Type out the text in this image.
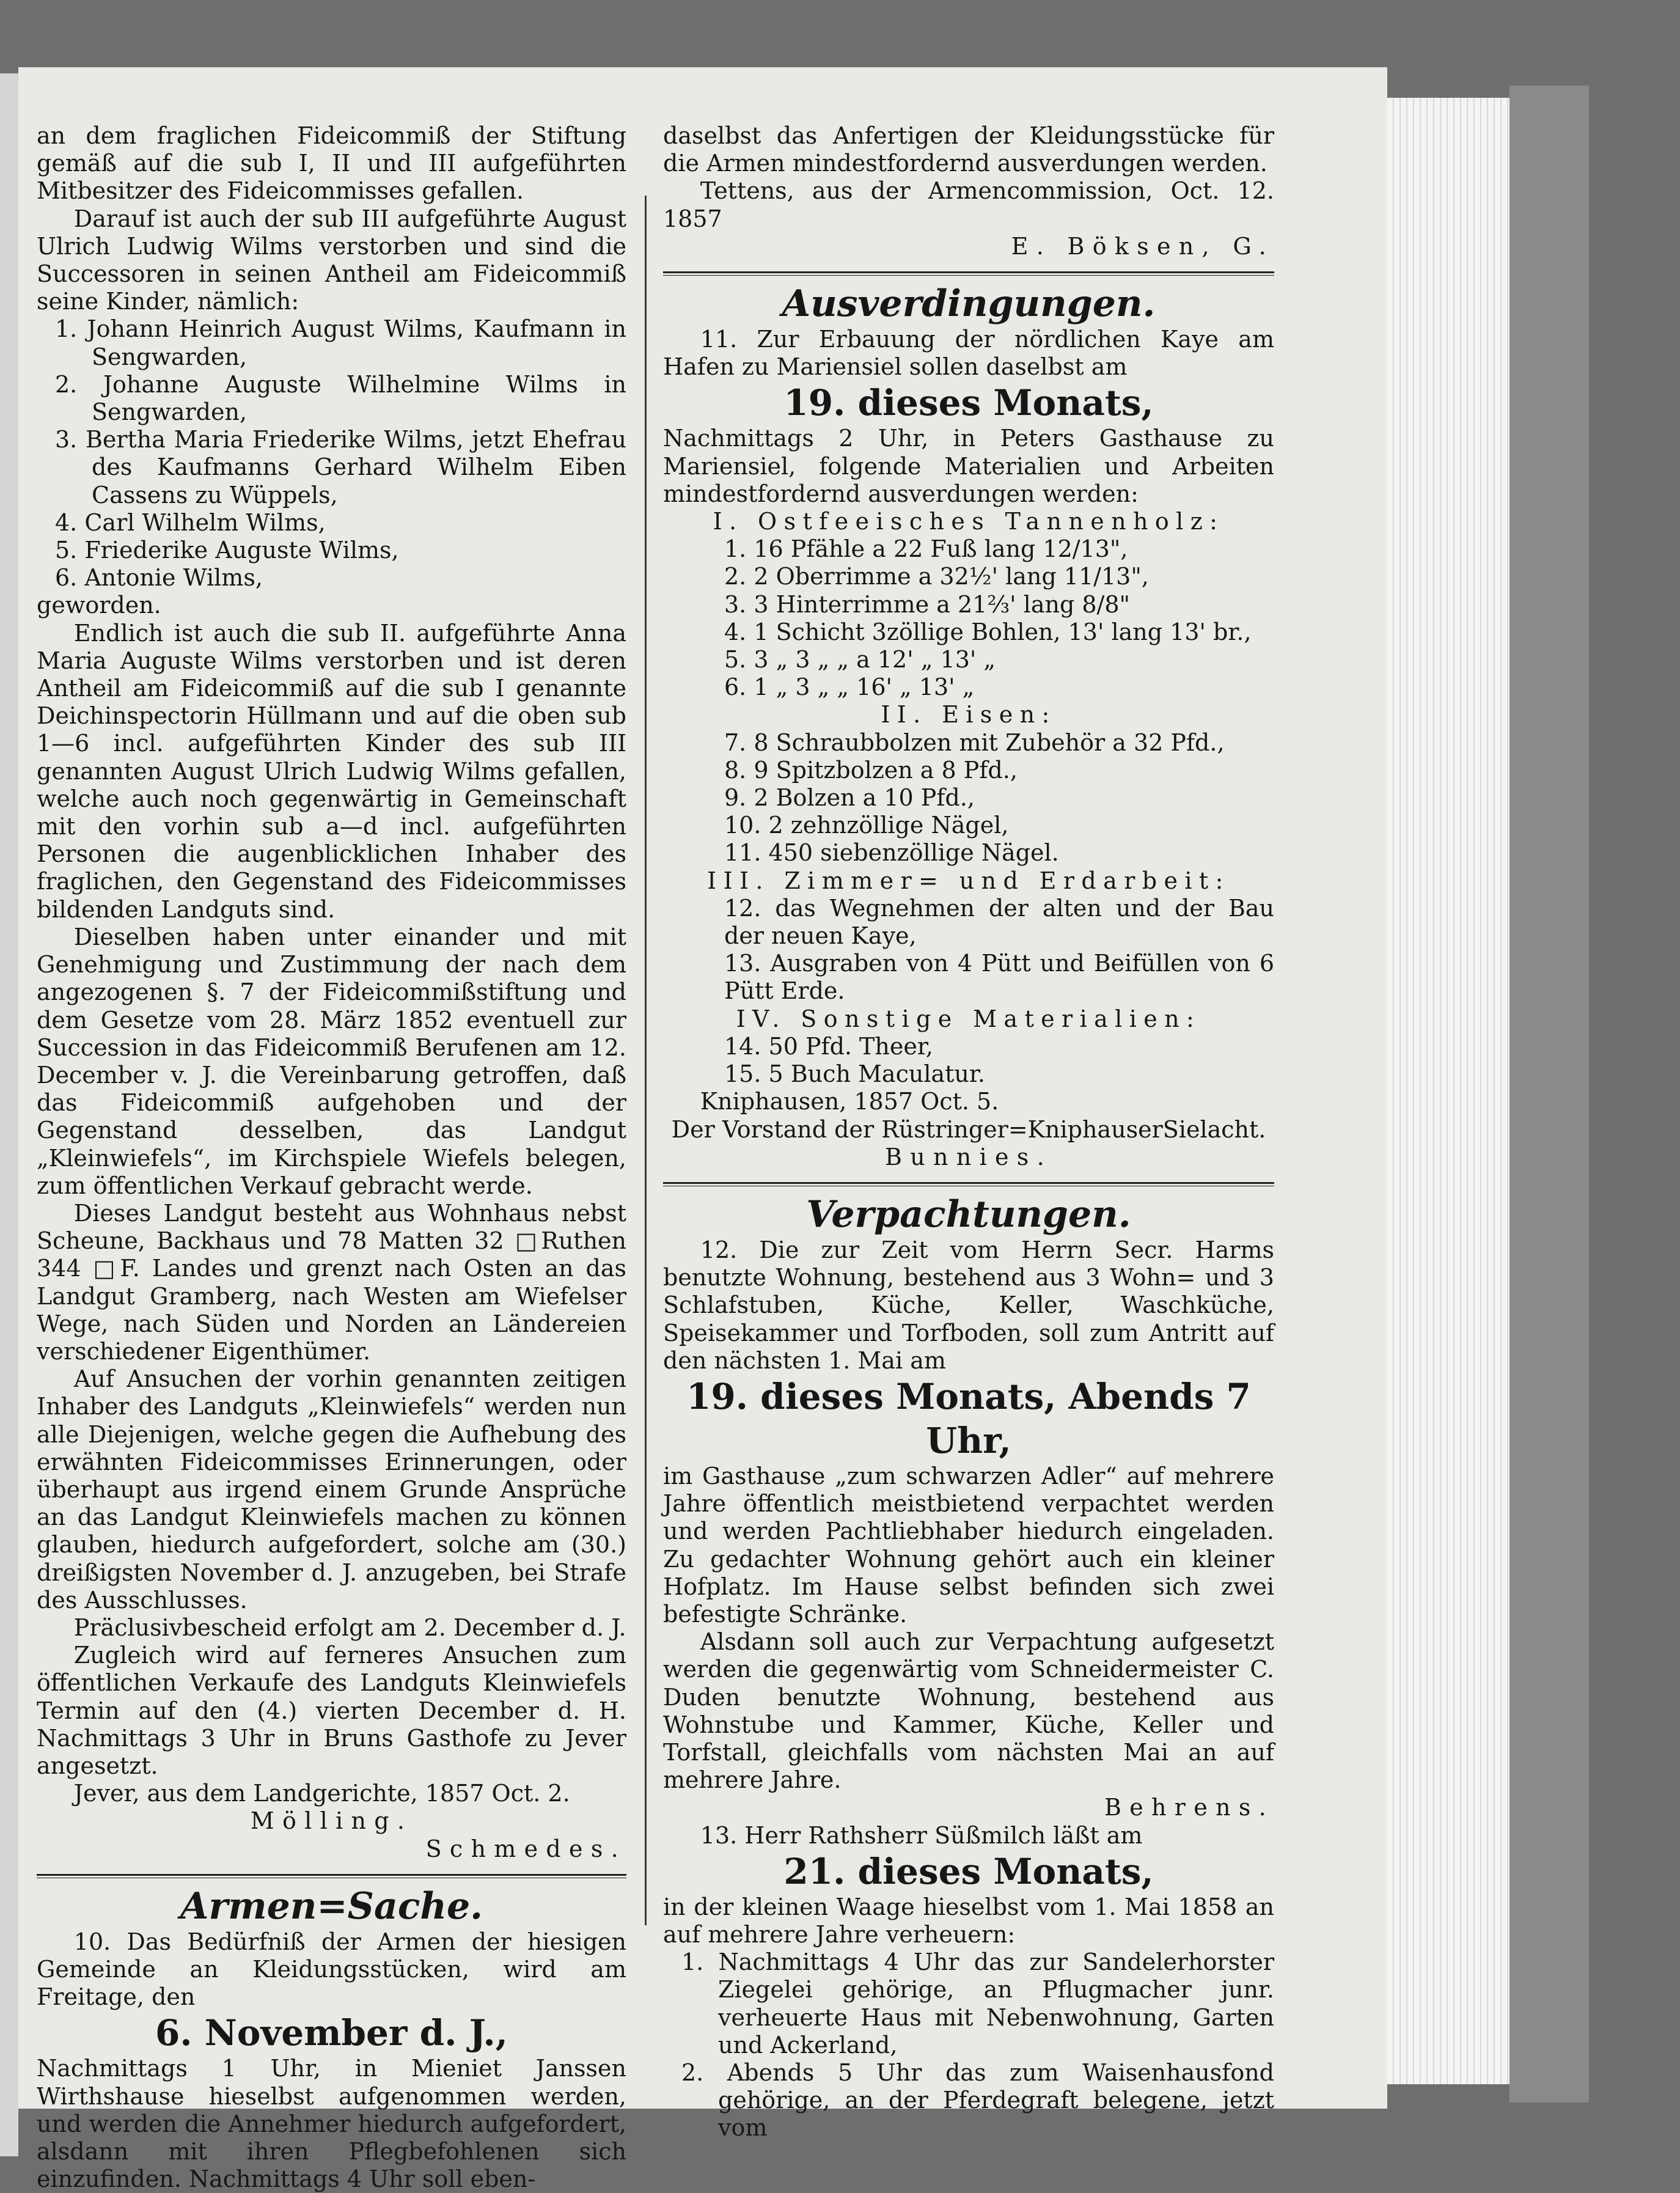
an dem fraglichen Fideicommiß der Stiftung gemäß auf die sub I, II und III aufgeführten Mitbesitzer des Fideicommisses gefallen.

Darauf ist auch der sub III aufgeführte August Ulrich Ludwig Wilms verstorben und sind die Successoren in seinen Antheil am Fideicommiß seine Kinder, nämlich:

1. Johann Heinrich August Wilms, Kaufmann in Sengwarden,

2. Johanne Auguste Wilhelmine Wilms in Sengwarden,

3. Bertha Maria Friederike Wilms, jetzt Ehefrau des Kaufmanns Gerhard Wilhelm Eiben Cassens zu Wüppels,

4. Carl Wilhelm Wilms,

5. Friederike Auguste Wilms,

6. Antonie Wilms,

geworden.

Endlich ist auch die sub II. aufgeführte Anna Maria Auguste Wilms verstorben und ist deren Antheil am Fideicommiß auf die sub I genannte Deichinspectorin Hüllmann und auf die oben sub 1—6 incl. aufgeführten Kinder des sub III genannten August Ulrich Ludwig Wilms gefallen, welche auch noch gegenwärtig in Gemeinschaft mit den vorhin sub a—d incl. aufgeführten Personen die augenblicklichen Inhaber des fraglichen, den Gegenstand des Fideicommisses bildenden Landguts sind.

Dieselben haben unter einander und mit Genehmigung und Zustimmung der nach dem angezogenen §. 7 der Fideicommißstiftung und dem Gesetze vom 28. März 1852 eventuell zur Succession in das Fideicommiß Berufenen am 12. December v. J. die Vereinbarung getroffen, daß das Fideicommiß aufgehoben und der Gegenstand desselben, das Landgut „Kleinwiefels“, im Kirchspiele Wiefels belegen, zum öffentlichen Verkauf gebracht werde.

Dieses Landgut besteht aus Wohnhaus nebst Scheune, Backhaus und 78 Matten 32 □Ruthen 344 □F. Landes und grenzt nach Osten an das Landgut Gramberg, nach Westen am Wiefelser Wege, nach Süden und Norden an Ländereien verschiedener Eigenthümer.

Auf Ansuchen der vorhin genannten zeitigen Inhaber des Landguts „Kleinwiefels“ werden nun alle Diejenigen, welche gegen die Aufhebung des erwähnten Fideicommisses Erinnerungen, oder überhaupt aus irgend einem Grunde Ansprüche an das Landgut Kleinwiefels machen zu können glauben, hiedurch aufgefordert, solche am (30.) dreißigsten November d. J. anzugeben, bei Strafe des Ausschlusses.

Präclusivbescheid erfolgt am 2. December d. J.

Zugleich wird auf ferneres Ansuchen zum öffentlichen Verkaufe des Landguts Kleinwiefels Termin auf den (4.) vierten December d. H. Nachmittags 3 Uhr in Bruns Gasthofe zu Jever angesetzt.

Jever, aus dem Landgerichte, 1857 Oct. 2.

Mölling.

Schmedes.

Armen=Sache.

10. Das Bedürfniß der Armen der hiesigen Gemeinde an Kleidungsstücken, wird am Freitage, den

6. November d. J.,

Nachmittags 1 Uhr, in Mieniet Janssen Wirthshause hieselbst aufgenommen werden, und werden die Annehmer hiedurch aufgefordert, alsdann mit ihren Pflegbefohlenen sich einzufinden. Nachmittags 4 Uhr soll eben-

daselbst das Anfertigen der Kleidungsstücke für die Armen mindestfordernd ausverdungen werden.

Tettens, aus der Armencommission, Oct. 12. 1857

E. Böksen, G.

Ausverdingungen.

11. Zur Erbauung der nördlichen Kaye am Hafen zu Mariensiel sollen daselbst am

19. dieses Monats,

Nachmittags 2 Uhr, in Peters Gasthause zu Mariensiel, folgende Materialien und Arbeiten mindestfordernd ausverdungen werden:

I. Ostfeeisches Tannenholz:

1. 16 Pfähle a 22 Fuß lang 12/13",

2. 2 Oberrimme a 32½' lang 11/13",

3. 3 Hinterrimme a 21⅔' lang 8/8"

4. 1 Schicht 3zöllige Bohlen, 13' lang 13' br.,

5. 3 „ 3 „ „ a 12' „ 13' „

6. 1 „ 3 „ „ 16' „ 13' „

II. Eisen:

7. 8 Schraubbolzen mit Zubehör a 32 Pfd.,

8. 9 Spitzbolzen a 8 Pfd.,

9. 2 Bolzen a 10 Pfd.,

10. 2 zehnzöllige Nägel,

11. 450 siebenzöllige Nägel.

III. Zimmer= und Erdarbeit:

12. das Wegnehmen der alten und der Bau der neuen Kaye,

13. Ausgraben von 4 Pütt und Beifüllen von 6 Pütt Erde.

IV. Sonstige Materialien:

14. 50 Pfd. Theer,

15. 5 Buch Maculatur.

Kniphausen, 1857 Oct. 5.

Der Vorstand der Rüstringer=KniphauserSielacht.

Bunnies.

Verpachtungen.

12. Die zur Zeit vom Herrn Secr. Harms benutzte Wohnung, bestehend aus 3 Wohn= und 3 Schlafstuben, Küche, Keller, Waschküche, Speisekammer und Torfboden, soll zum Antritt auf den nächsten 1. Mai am

19. dieses Monats, Abends 7 Uhr,

im Gasthause „zum schwarzen Adler“ auf mehrere Jahre öffentlich meistbietend verpachtet werden und werden Pachtliebhaber hiedurch eingeladen. Zu gedachter Wohnung gehört auch ein kleiner Hofplatz. Im Hause selbst befinden sich zwei befestigte Schränke.

Alsdann soll auch zur Verpachtung aufgesetzt werden die gegenwärtig vom Schneidermeister C. Duden benutzte Wohnung, bestehend aus Wohnstube und Kammer, Küche, Keller und Torfstall, gleichfalls vom nächsten Mai an auf mehrere Jahre.

Behrens.

13. Herr Rathsherr Süßmilch läßt am

21. dieses Monats,

in der kleinen Waage hieselbst vom 1. Mai 1858 an auf mehrere Jahre verheuern:

1. Nachmittags 4 Uhr das zur Sandelerhorster Ziegelei gehörige, an Pflugmacher junr. verheuerte Haus mit Nebenwohnung, Garten und Ackerland,

2. Abends 5 Uhr das zum Waisenhausfond gehörige, an der Pferdegraft belegene, jetzt vom
